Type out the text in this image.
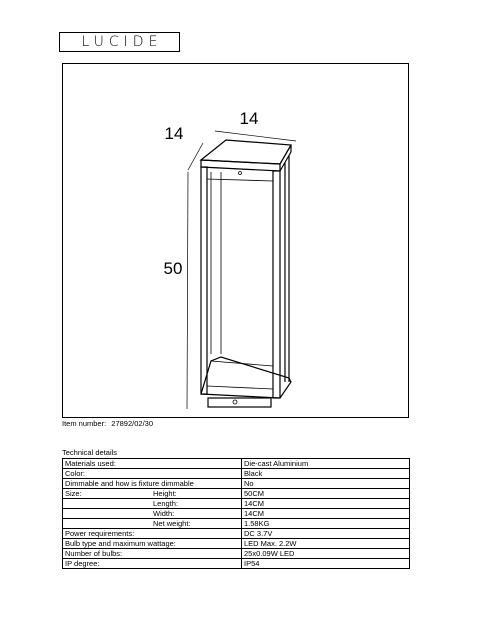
LUCIDE
14
14
50
Item number: 27892/02/30
Technical details
Materials used:		Die-cast Aluminium
Color:		Black
Dimmable and how is fixture dimmable		No
Size:	Height:	50CM
	Length:	14CM
	Width:	14CM
	Net weight:	1.58KG
Power requirements:		DC 3.7V
Bulb type and maximum wattage:		LED Max. 2.2W
Number of bulbs:		25x0.09W LED
IP degree:		IP54
